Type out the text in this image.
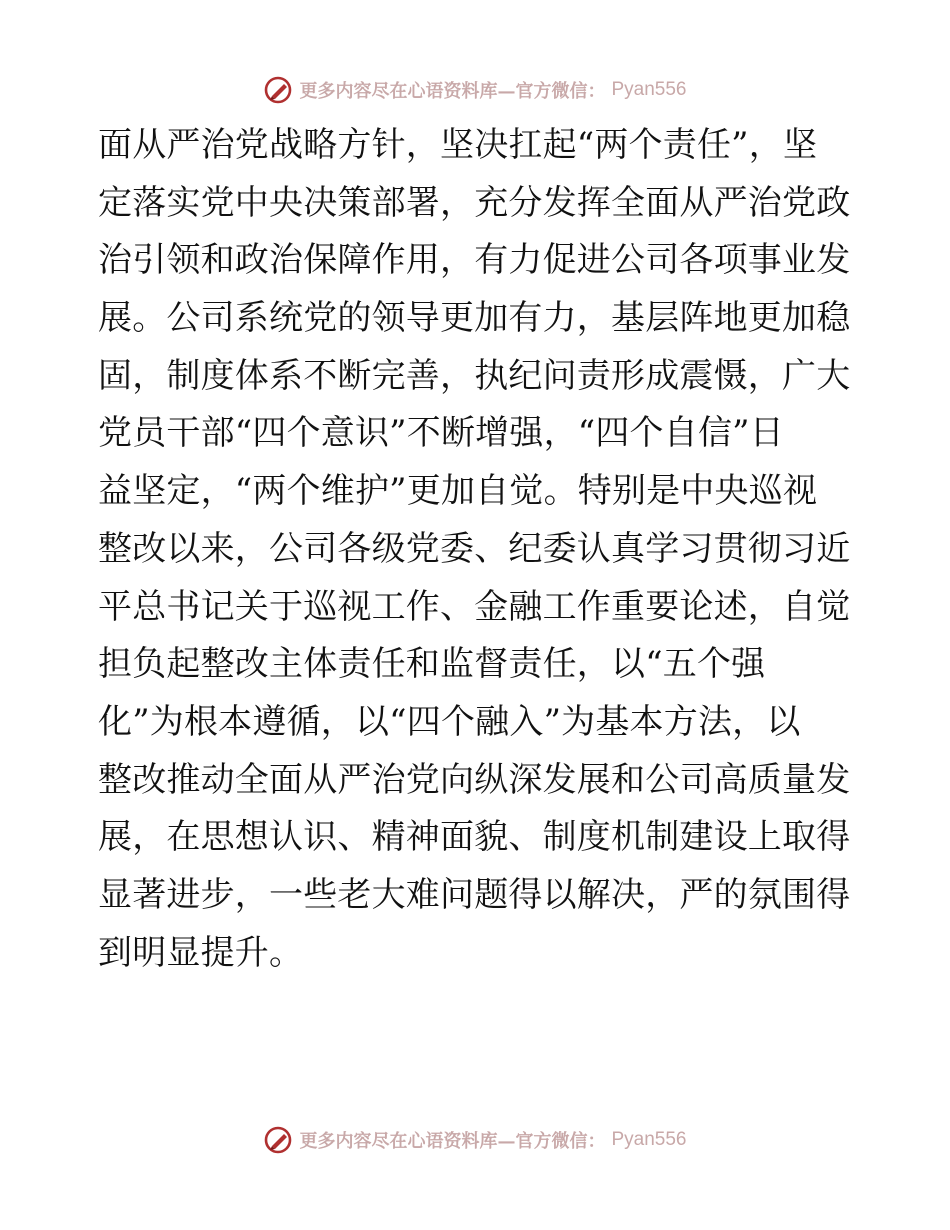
更多内容尽在心语资料库—官方微信： Pyan556
面从严治党战略方针，坚决扛起“两个责任”，坚
定落实党中央决策部署，充分发挥全面从严治党政
治引领和政治保障作用，有力促进公司各项事业发
展。公司系统党的领导更加有力，基层阵地更加稳
固，制度体系不断完善，执纪问责形成震慑，广大
党员干部“四个意识”不断增强，“四个自信”日
益坚定，“两个维护”更加自觉。特别是中央巡视
整改以来，公司各级党委、纪委认真学习贯彻习近
平总书记关于巡视工作、金融工作重要论述，自觉
担负起整改主体责任和监督责任，以“五个强
化”为根本遵循，以“四个融入”为基本方法，以
整改推动全面从严治党向纵深发展和公司高质量发
展，在思想认识、精神面貌、制度机制建设上取得
显著进步，一些老大难问题得以解决，严的氛围得
到明显提升。
更多内容尽在心语资料库—官方微信： Pyan556
